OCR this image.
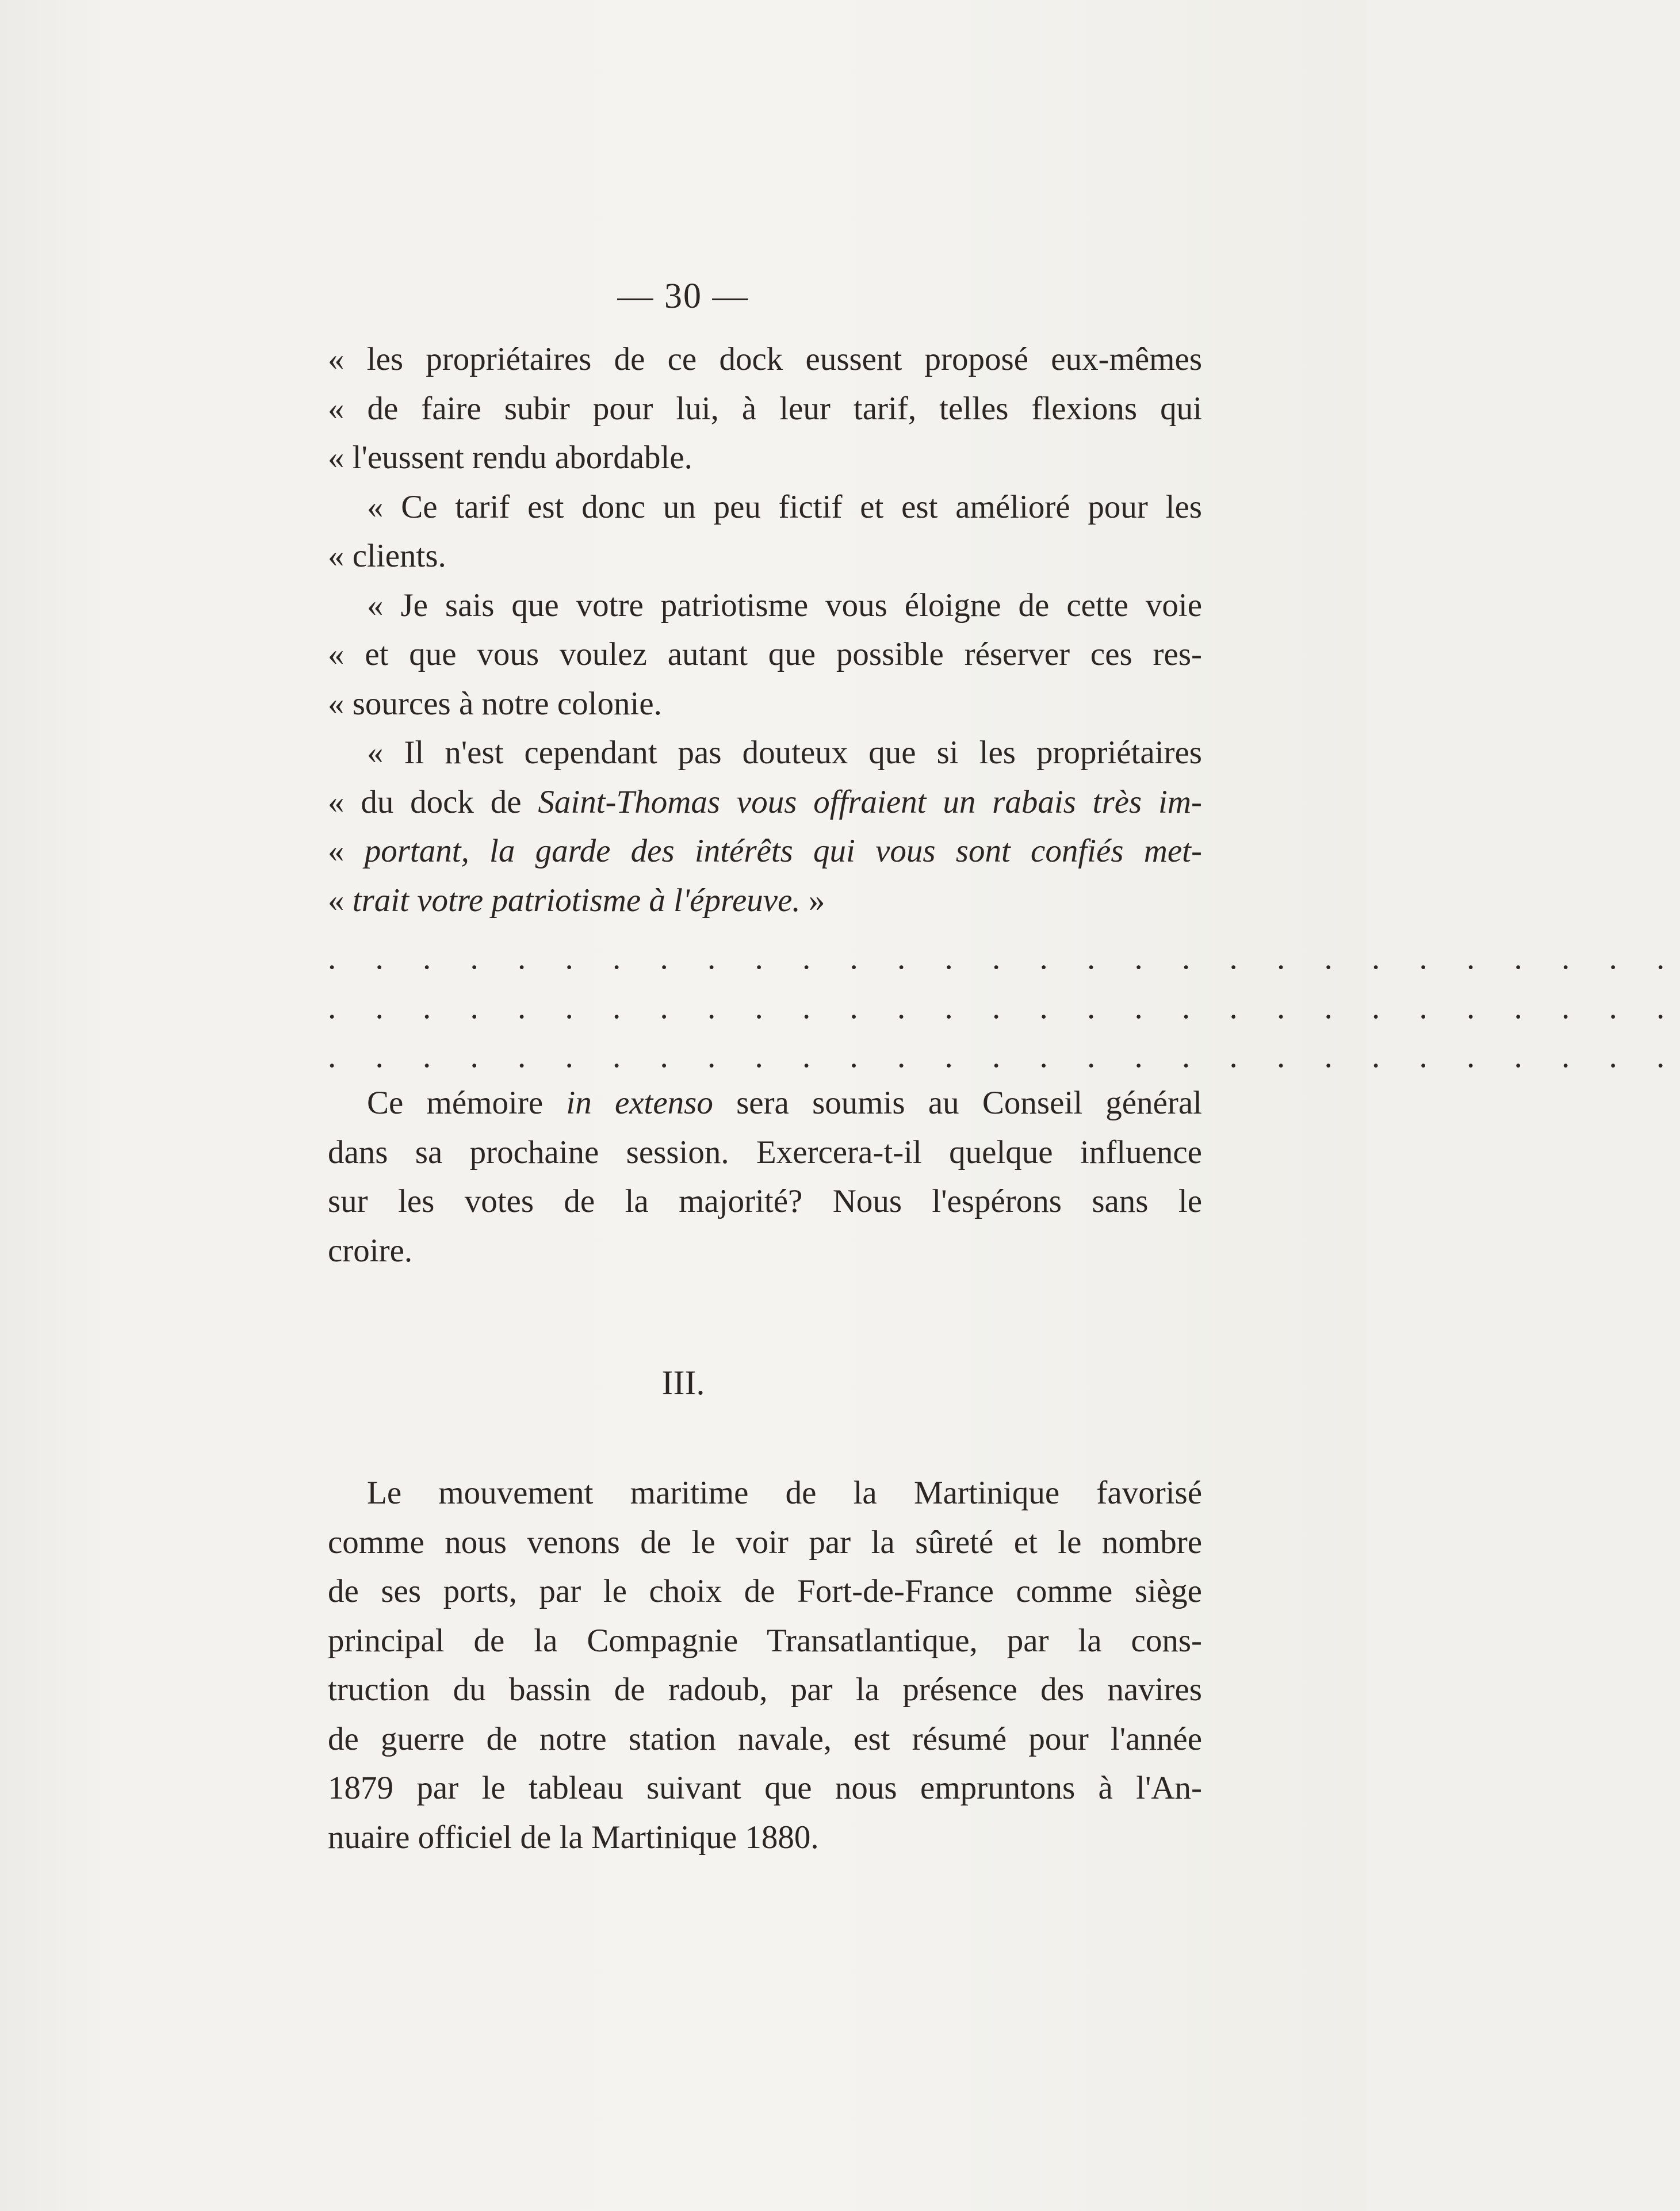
— 30 —
« les propriétaires de ce dock eussent proposé eux-mêmes
« de faire subir pour lui, à leur tarif, telles flexions qui
« l'eussent rendu abordable.
« Ce tarif est donc un peu fictif et est amélioré pour les
« clients.
« Je sais que votre patriotisme vous éloigne de cette voie
« et que vous voulez autant que possible réserver ces res-
« sources à notre colonie.
« Il n'est cependant pas douteux que si les propriétaires
« du dock de Saint-Thomas vous offraient un rabais très im-
« portant, la garde des intérêts qui vous sont confiés met-
« trait votre patriotisme à l'épreuve. »
. . . . . . . . . . . . . . . . . . . . . . . . . . . . .
. . . . . . . . . . . . . . . . . . . . . . . . . . . . .
. . . . . . . . . . . . . . . . . . . . . . . . . . . . .
Ce mémoire in extenso sera soumis au Conseil général
dans sa prochaine session. Exercera-t-il quelque influence
sur les votes de la majorité? Nous l'espérons sans le
croire.
III.
Le mouvement maritime de la Martinique favorisé
comme nous venons de le voir par la sûreté et le nombre
de ses ports, par le choix de Fort-de-France comme siège
principal de la Compagnie Transatlantique, par la cons-
truction du bassin de radoub, par la présence des navires
de guerre de notre station navale, est résumé pour l'année
1879 par le tableau suivant que nous empruntons à l'An-
nuaire officiel de la Martinique 1880.
